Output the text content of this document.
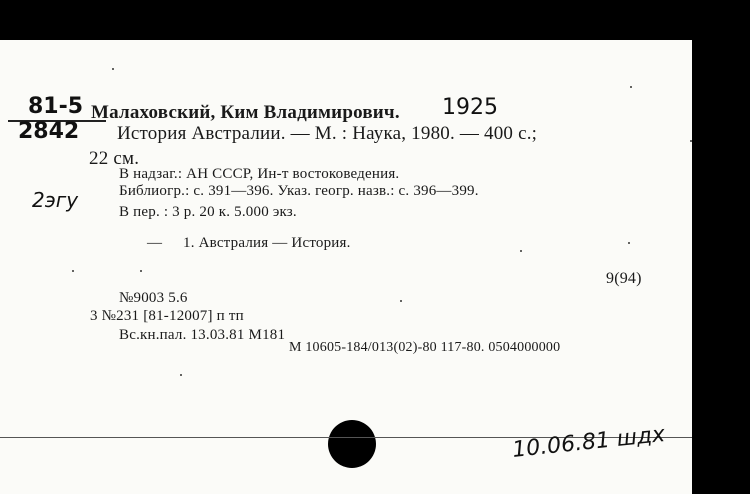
81-5
2842
Малаховский, Ким Владимирович. 1925
История Австралии. — М. : Наука, 1980. — 400 с.;
22 см.
В надзаг.: АН СССР, Ин-т востоковедения.
2эгу	Библиогр.: с. 391—396. Указ. геогр. назв.: с. 396—399.
В пер. : 3 р. 20 к. 5.000 экз.
— 1. Австралия — История.
9(94)
№9003 5.6
3 №231 [81-12007] п тп
Вс.кн.пал. 13.03.81 M181
М 10605-184/013(02)-80 117-80. 0504000000
10.06.81 шдх
